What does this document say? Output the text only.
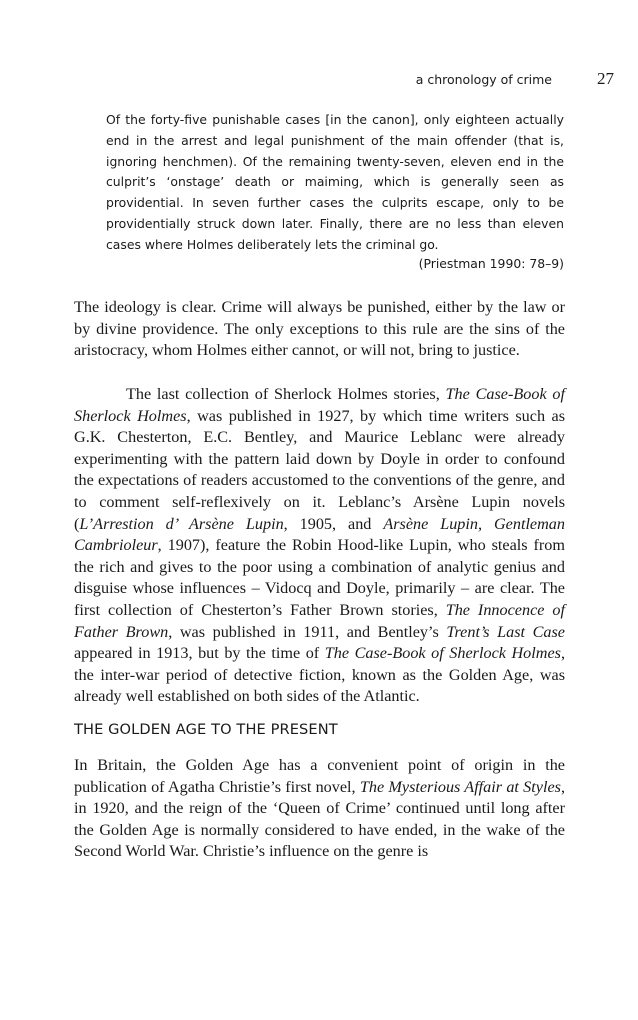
a chronology of crime	27
Of the forty-five punishable cases [in the canon], only eighteen actually end in the arrest and legal punishment of the main offender (that is, ignoring henchmen). Of the remaining twenty-seven, eleven end in the culprit’s ‘onstage’ death or maiming, which is generally seen as providential. In seven further cases the culprits escape, only to be providentially struck down later. Finally, there are no less than eleven cases where Holmes deliberately lets the criminal go.
(Priestman 1990: 78–9)

The ideology is clear. Crime will always be punished, either by the law or by divine providence. The only exceptions to this rule are the sins of the aristocracy, whom Holmes either cannot, or will not, bring to justice.

The last collection of Sherlock Holmes stories, The Case-Book of Sherlock Holmes, was published in 1927, by which time writers such as G.K. Chesterton, E.C. Bentley, and Maurice Leblanc were already experimenting with the pattern laid down by Doyle in order to confound the expectations of readers accustomed to the conventions of the genre, and to comment self-reflexively on it. Leblanc’s Arsène Lupin novels (L’Arrestion d’ Arsène Lupin, 1905, and Arsène Lupin, Gentleman Cambrioleur, 1907), feature the Robin Hood-like Lupin, who steals from the rich and gives to the poor using a combination of analytic genius and disguise whose influences – Vidocq and Doyle, primarily – are clear. The first collection of Chesterton’s Father Brown stories, The Innocence of Father Brown, was published in 1911, and Bentley’s Trent’s Last Case appeared in 1913, but by the time of The Case-Book of Sherlock Holmes, the inter-war period of detective fiction, known as the Golden Age, was already well established on both sides of the Atlantic.

THE GOLDEN AGE TO THE PRESENT

In Britain, the Golden Age has a convenient point of origin in the publication of Agatha Christie’s first novel, The Mysterious Affair at Styles, in 1920, and the reign of the ‘Queen of Crime’ continued until long after the Golden Age is normally considered to have ended, in the wake of the Second World War. Christie’s influence on the genre is
